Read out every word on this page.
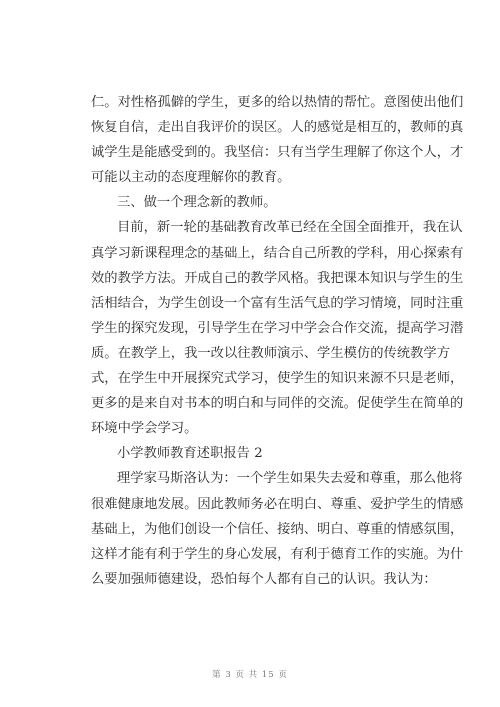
仁。对性格孤僻的学生，更多的给以热情的帮忙。意图使出他们
恢复自信，走出自我评价的误区。人的感觉是相互的，教师的真
诚学生是能感受到的。我坚信：只有当学生理解了你这个人，才
可能以主动的态度理解你的教育。
三、做一个理念新的教师。
目前，新一轮的基础教育改革已经在全国全面推开，我在认
真学习新课程理念的基础上，结合自己所教的学科，用心探索有
效的教学方法。开成自己的教学风格。我把课本知识与学生的生
活相结合，为学生创设一个富有生活气息的学习情境，同时注重
学生的探究发现，引导学生在学习中学会合作交流，提高学习潜
质。在教学上，我一改以往教师演示、学生模仿的传统教学方
式，在学生中开展探究式学习，使学生的知识来源不只是老师，
更多的是来自对书本的明白和与同伴的交流。促使学生在简单的
环境中学会学习。
小学教师教育述职报告 2
理学家马斯洛认为：一个学生如果失去爱和尊重，那么他将
很难健康地发展。因此教师务必在明白、尊重、爱护学生的情感
基础上，为他们创设一个信任、接纳、明白、尊重的情感氛围，
这样才能有利于学生的身心发展，有利于德育工作的实施。为什
么要加强师德建设，恐怕每个人都有自己的认识。我认为：
第 3 页 共 15 页
